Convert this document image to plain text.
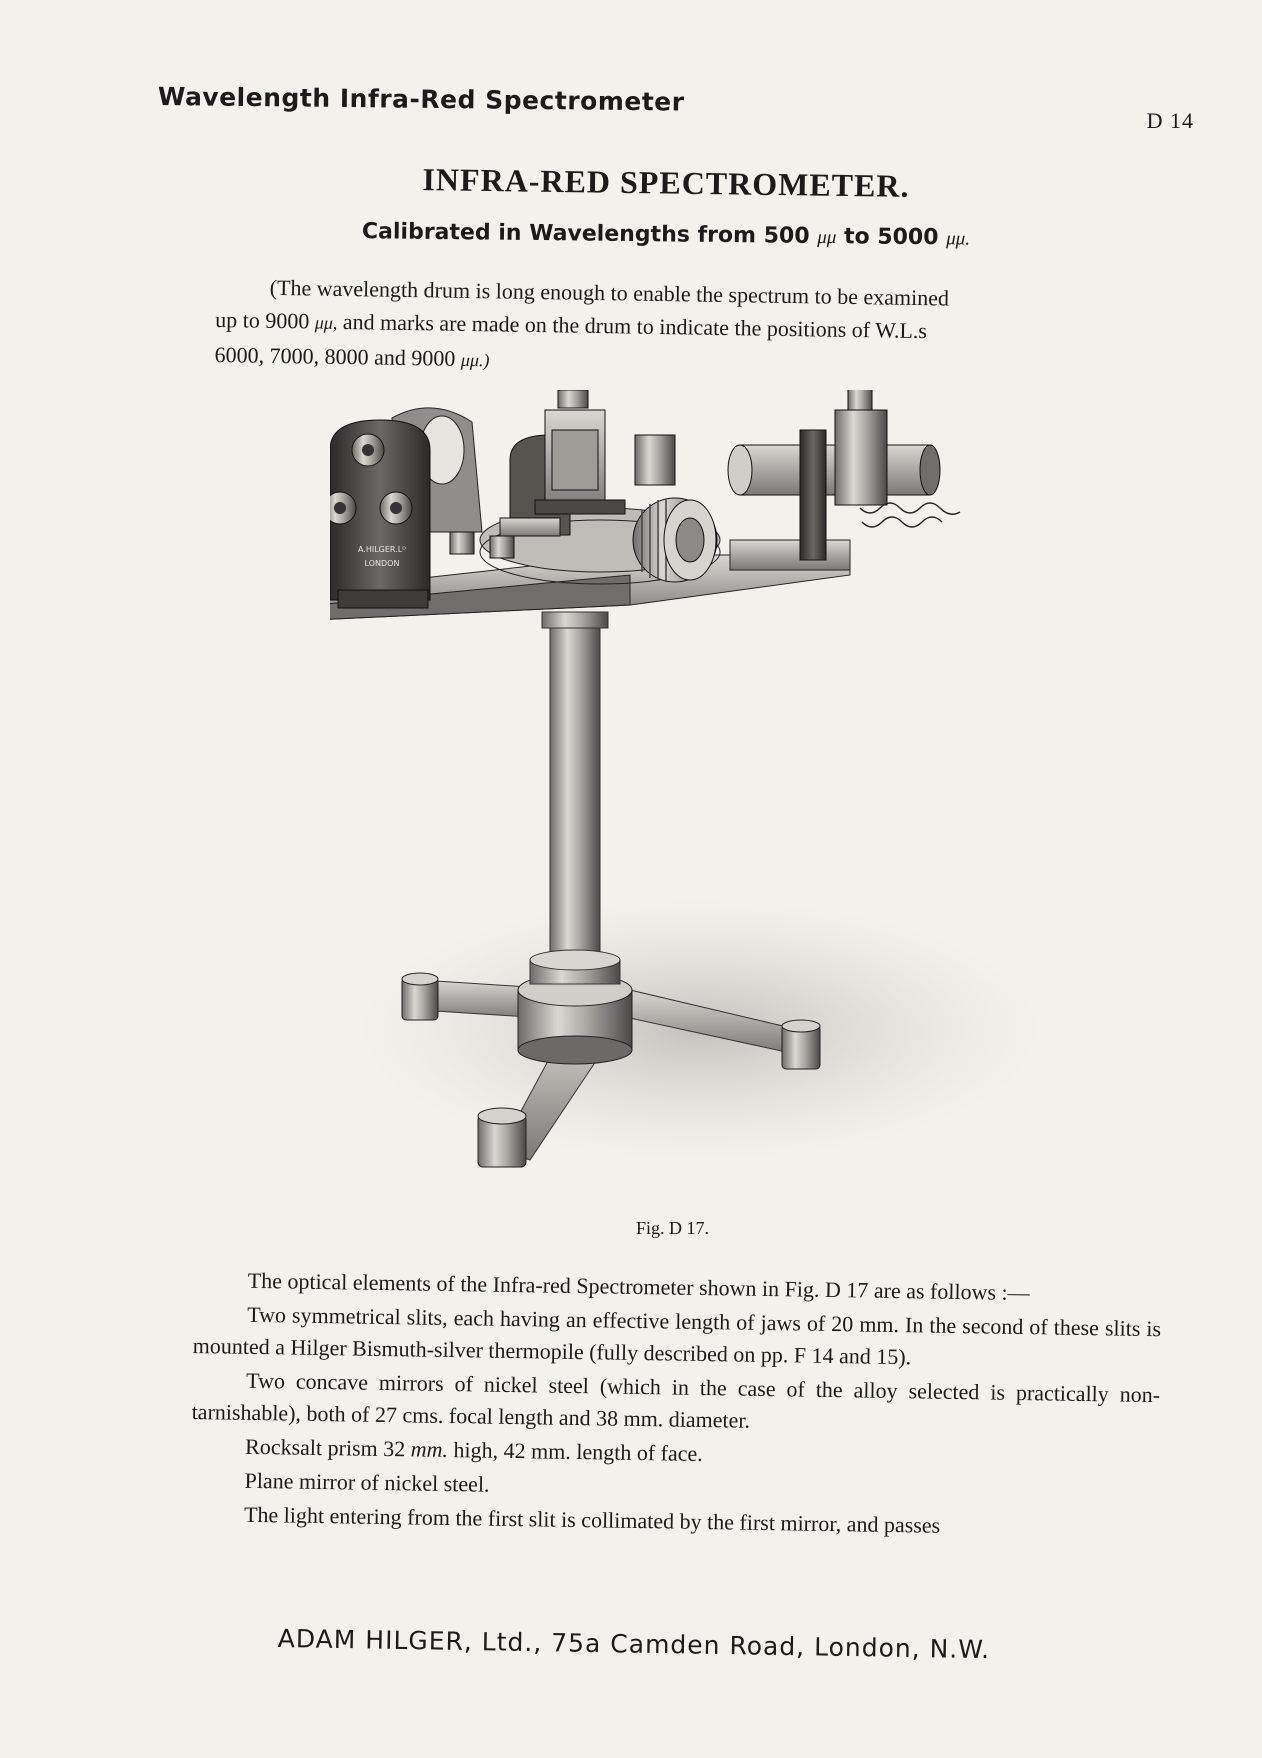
Wavelength Infra-Red Spectrometer
D 14
INFRA-RED SPECTROMETER.
Calibrated in Wavelengths from 500 μμ to 5000 μμ.
(The wavelength drum is long enough to enable the spectrum to be examined
up to 9000 μμ, and marks are made on the drum to indicate the positions of W.L.s
6000, 7000, 8000 and 9000 μμ.)
A.HILGER.Lᴰ
LONDON
Fig. D 17.

The optical elements of the Infra-red Spectrometer shown in Fig. D 17 are as follows :—

Two symmetrical slits, each having an effective length of jaws of 20 mm. In the second of these slits is mounted a Hilger Bismuth-silver thermopile (fully described on pp. F 14 and 15).

Two concave mirrors of nickel steel (which in the case of the alloy selected is practically non-tarnishable), both of 27 cms. focal length and 38 mm. diameter.

Rocksalt prism 32 mm. high, 42 mm. length of face.

Plane mirror of nickel steel.

The light entering from the first slit is collimated by the first mirror, and passes

ADAM HILGER, Ltd., 75a Camden Road, London, N.W.
